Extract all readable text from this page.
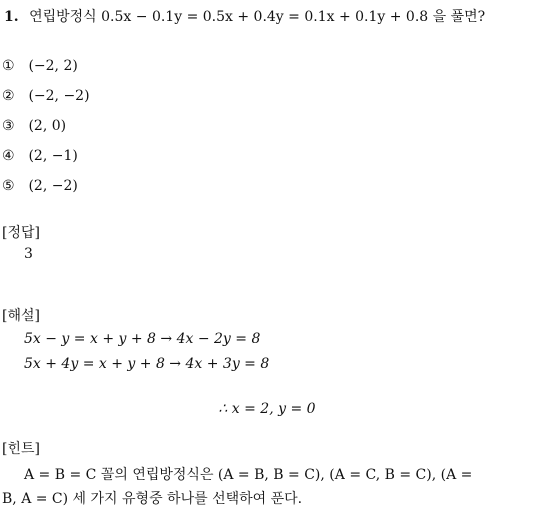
1. 연립방정식 0.5x − 0.1y = 0.5x + 0.4y = 0.1x + 0.1y + 0.8 을 풀면?
① (−2, 2)
② (−2, −2)
③ (2, 0)
④ (2, −1)
⑤ (2, −2)
[정답]
3
[해설]
5x − y = x + y + 8 → 4x − 2y = 8
5x + 4y = x + y + 8 → 4x + 3y = 8
∴ x = 2, y = 0
[힌트]
A = B = C 꼴의 연립방정식은 (A = B, B = C), (A = C, B = C), (A =
B, A = C) 세 가지 유형중 하나를 선택하여 푼다.
